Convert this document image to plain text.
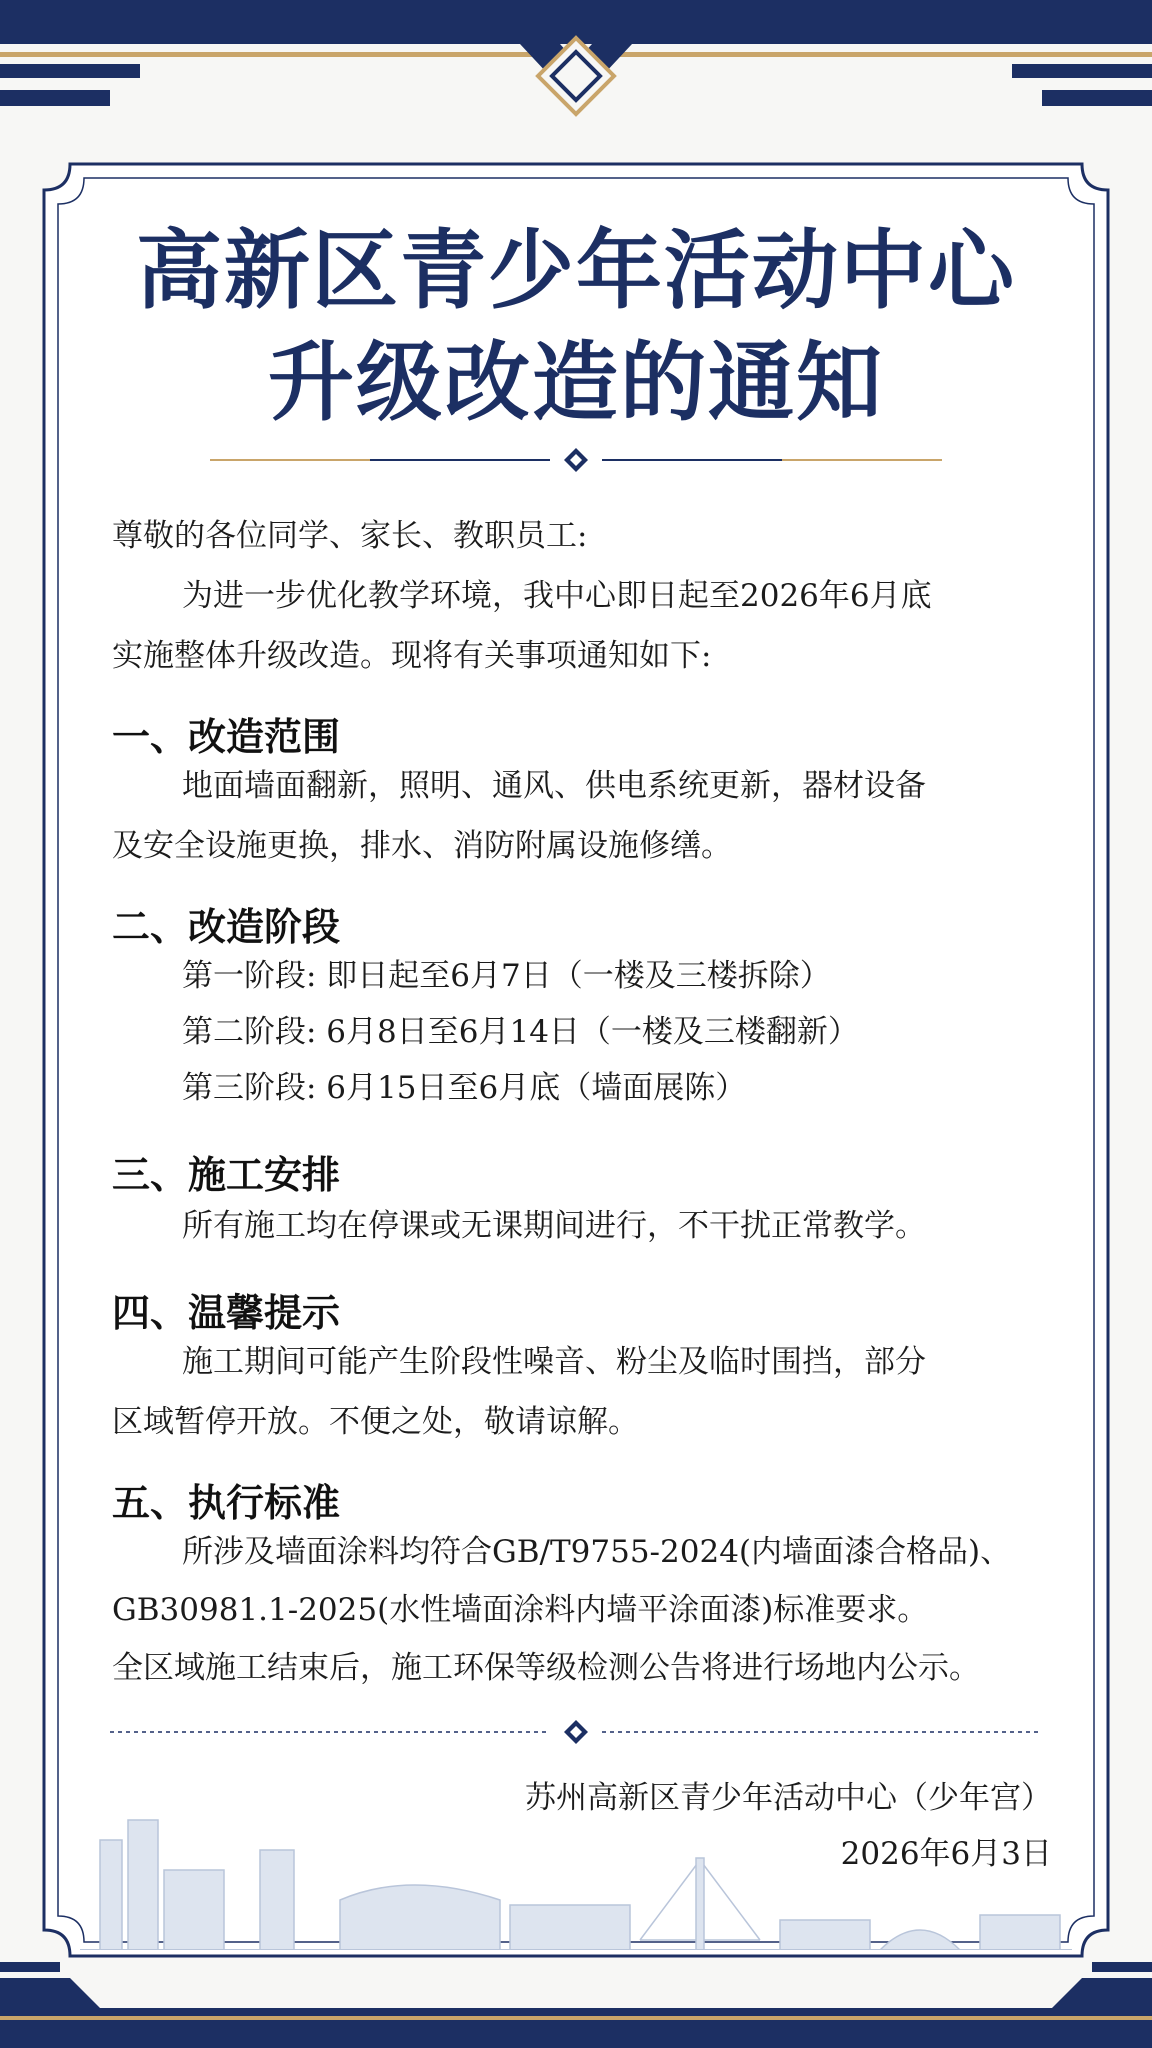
高新区青少年活动中心
升级改造的通知
尊敬的各位同学、家长、教职员工:
为进一步优化教学环境，我中心即日起至2026年6月底
实施整体升级改造。现将有关事项通知如下:
一、改造范围
地面墙面翻新，照明、通风、供电系统更新，器材设备
及安全设施更换，排水、消防附属设施修缮。
二、改造阶段
第一阶段: 即日起至6月7日（一楼及三楼拆除）
第二阶段: 6月8日至6月14日（一楼及三楼翻新）
第三阶段: 6月15日至6月底（墙面展陈）
三、施工安排
所有施工均在停课或无课期间进行，不干扰正常教学。
四、温馨提示
施工期间可能产生阶段性噪音、粉尘及临时围挡，部分
区域暂停开放。不便之处，敬请谅解。
五、执行标准
所涉及墙面涂料均符合GB/T9755-2024(内墙面漆合格品)、
GB30981.1-2025(水性墙面涂料内墙平涂面漆)标准要求。
全区域施工结束后，施工环保等级检测公告将进行场地内公示。
苏州高新区青少年活动中心（少年宫）
2026年6月3日
